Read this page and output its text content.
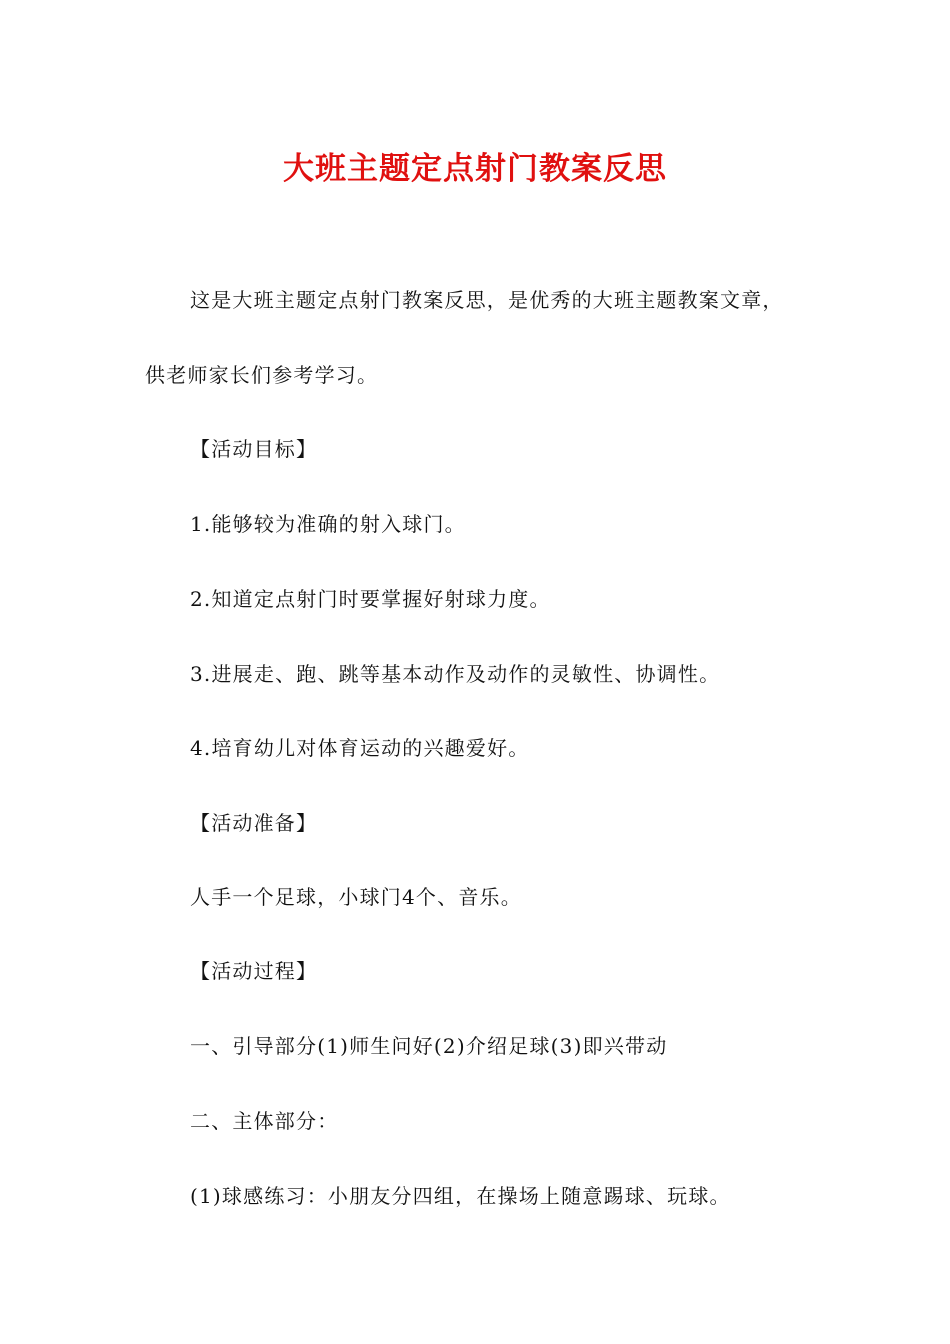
大班主题定点射门教案反思
这是大班主题定点射门教案反思，是优秀的大班主题教案文章，
供老师家长们参考学习。
【活动目标】
1.能够较为准确的射入球门。
2.知道定点射门时要掌握好射球力度。
3.进展走、跑、跳等基本动作及动作的灵敏性、协调性。
4.培育幼儿对体育运动的兴趣爱好。
【活动准备】
人手一个足球，小球门4个、音乐。
【活动过程】
一、引导部分(1)师生问好(2)介绍足球(3)即兴带动
二、主体部分：
(1)球感练习：小朋友分四组，在操场上随意踢球、玩球。
